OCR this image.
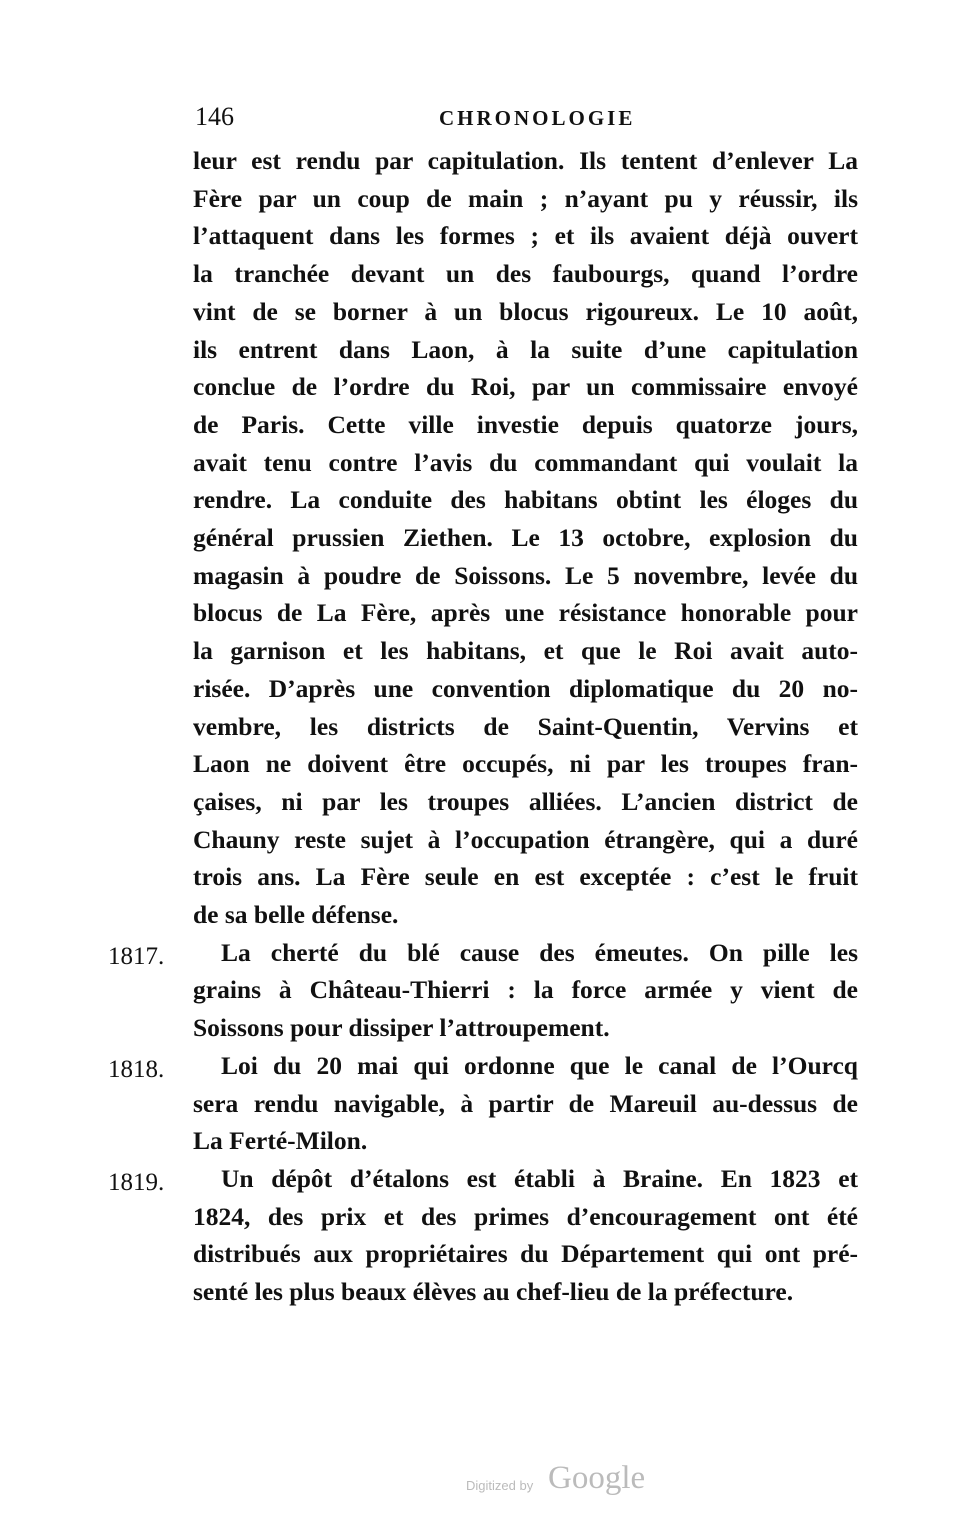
146	CHRONOLOGIE
leur est rendu par capitulation. Ils tentent d’enlever La
Fère par un coup de main ; n’ayant pu y réussir, ils
l’attaquent dans les formes ; et ils avaient déjà ouvert
la tranchée devant un des faubourgs, quand l’ordre
vint de se borner à un blocus rigoureux. Le 10 août,
ils entrent dans Laon, à la suite d’une capitulation
conclue de l’ordre du Roi, par un commissaire envoyé
de Paris. Cette ville investie depuis quatorze jours,
avait tenu contre l’avis du commandant qui voulait la
rendre. La conduite des habitans obtint les éloges du
général prussien Ziethen. Le 13 octobre, explosion du
magasin à poudre de Soissons. Le 5 novembre, levée du
blocus de La Fère, après une résistance honorable pour
la garnison et les habitans, et que le Roi avait auto-
risée. D’après une convention diplomatique du 20 no-
vembre, les districts de Saint-Quentin, Vervins et
Laon ne doivent être occupés, ni par les troupes fran-
çaises, ni par les troupes alliées. L’ancien district de
Chauny reste sujet à l’occupation étrangère, qui a duré
trois ans. La Fère seule en est exceptée : c’est le fruit
de sa belle défense.
1817.	La cherté du blé cause des émeutes. On pille les
grains à Château-Thierri : la force armée y vient de
Soissons pour dissiper l’attroupement.
1818.	Loi du 20 mai qui ordonne que le canal de l’Ourcq
sera rendu navigable, à partir de Mareuil au-dessus de
La Ferté-Milon.
1819.	Un dépôt d’étalons est établi à Braine. En 1823 et
1824, des prix et des primes d’encouragement ont été
distribués aux propriétaires du Département qui ont pré-
senté les plus beaux élèves au chef-lieu de la préfecture.
Digitized by Google
